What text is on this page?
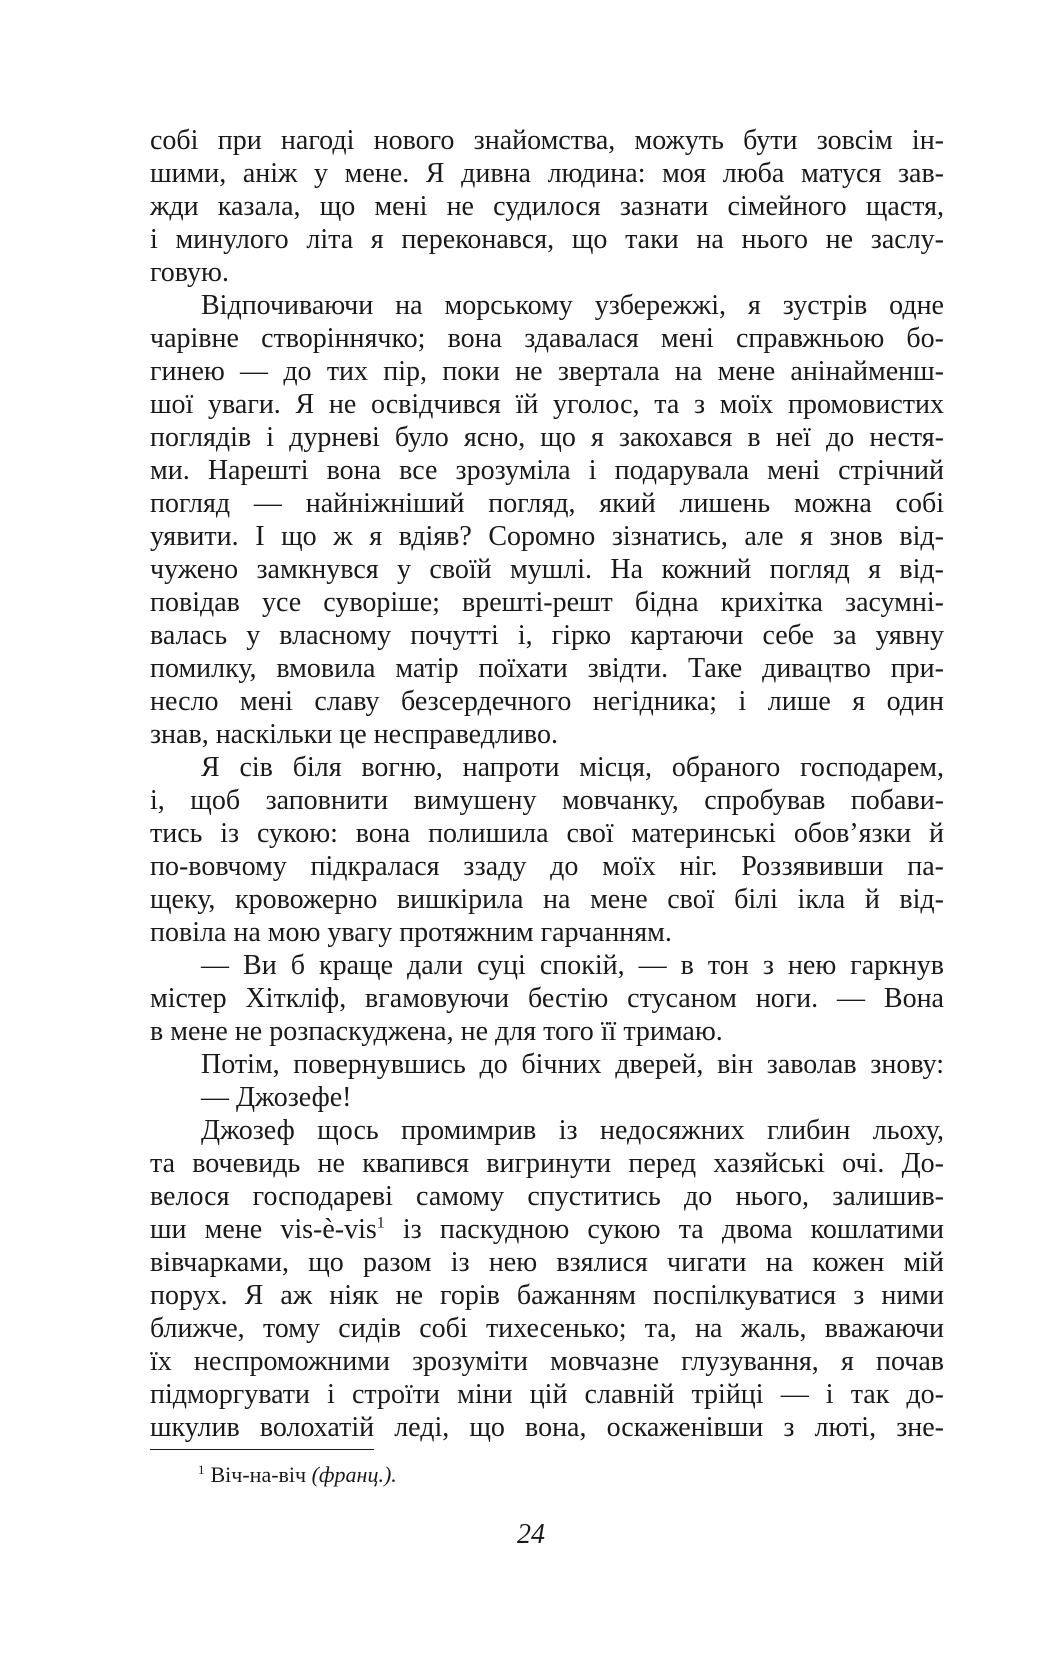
собі при нагоді нового знайомства, можуть бути зовсім ін-
шими, аніж у мене. Я дивна людина: моя люба матуся зав-
жди казала, що мені не судилося зазнати сімейного щастя,
і минулого літа я переконався, що таки на нього не заслу-
говую.
Відпочиваючи на морському узбережжі, я зустрів одне
чарівне створіннячко; вона здавалася мені справжньою бо-
гинею — до тих пір, поки не звертала на мене анінайменш-
шої уваги. Я не освідчився їй уголос, та з моїх промовистих
поглядів і дурневі було ясно, що я закохався в неї до нестя-
ми. Нарешті вона все зрозуміла і подарувала мені стрічний
погляд — найніжніший погляд, який лишень можна собі
уявити. І що ж я вдіяв? Соромно зізнатись, але я знов від-
чужено замкнувся у своїй мушлі. На кожний погляд я від-
повідав усе суворіше; врешті-решт бідна крихітка засумні-
валась у власному почутті і, гірко картаючи себе за уявну
помилку, вмовила матір поїхати звідти. Таке дивацтво при-
несло мені славу безсердечного негідника; і лише я один
знав, наскільки це несправедливо.
Я сів біля вогню, напроти місця, обраного господарем,
і, щоб заповнити вимушену мовчанку, спробував побави-
тись із сукою: вона полишила свої материнські обов’язки й
по-вовчому підкралася ззаду до моїх ніг. Роззявивши па-
щеку, кровожерно вишкірила на мене свої білі ікла й від-
повіла на мою увагу протяжним гарчанням.
— Ви б краще дали суці спокій, — в тон з нею гаркнув
містер Хіткліф, вгамовуючи бестію стусаном ноги. — Вона
в мене не розпаскуджена, не для того її тримаю.
Потім, повернувшись до бічних дверей, він заволав знову:
— Джозефе!
Джозеф щось промимрив із недосяжних глибин льоху,
та вочевидь не квапився вигринути перед хазяйські очі. До-
велося господареві самому спуститись до нього, залишив-
ши мене vis-è-vis$^1$ із паскудною сукою та двома кошлатими
вівчарками, що разом із нею взялися чигати на кожен мій
порух. Я аж ніяк не горів бажанням поспілкуватися з ними
ближче, тому сидів собі тихесенько; та, на жаль, вважаючи
їх неспроможними зрозуміти мовчазне глузування, я почав
підморгувати і строїти міни цій славній трійці — і так до-
шкулив волохатій леді, що вона, оскаженівши з люті, зне-
$^1$ Віч-на-віч (франц.).
24
